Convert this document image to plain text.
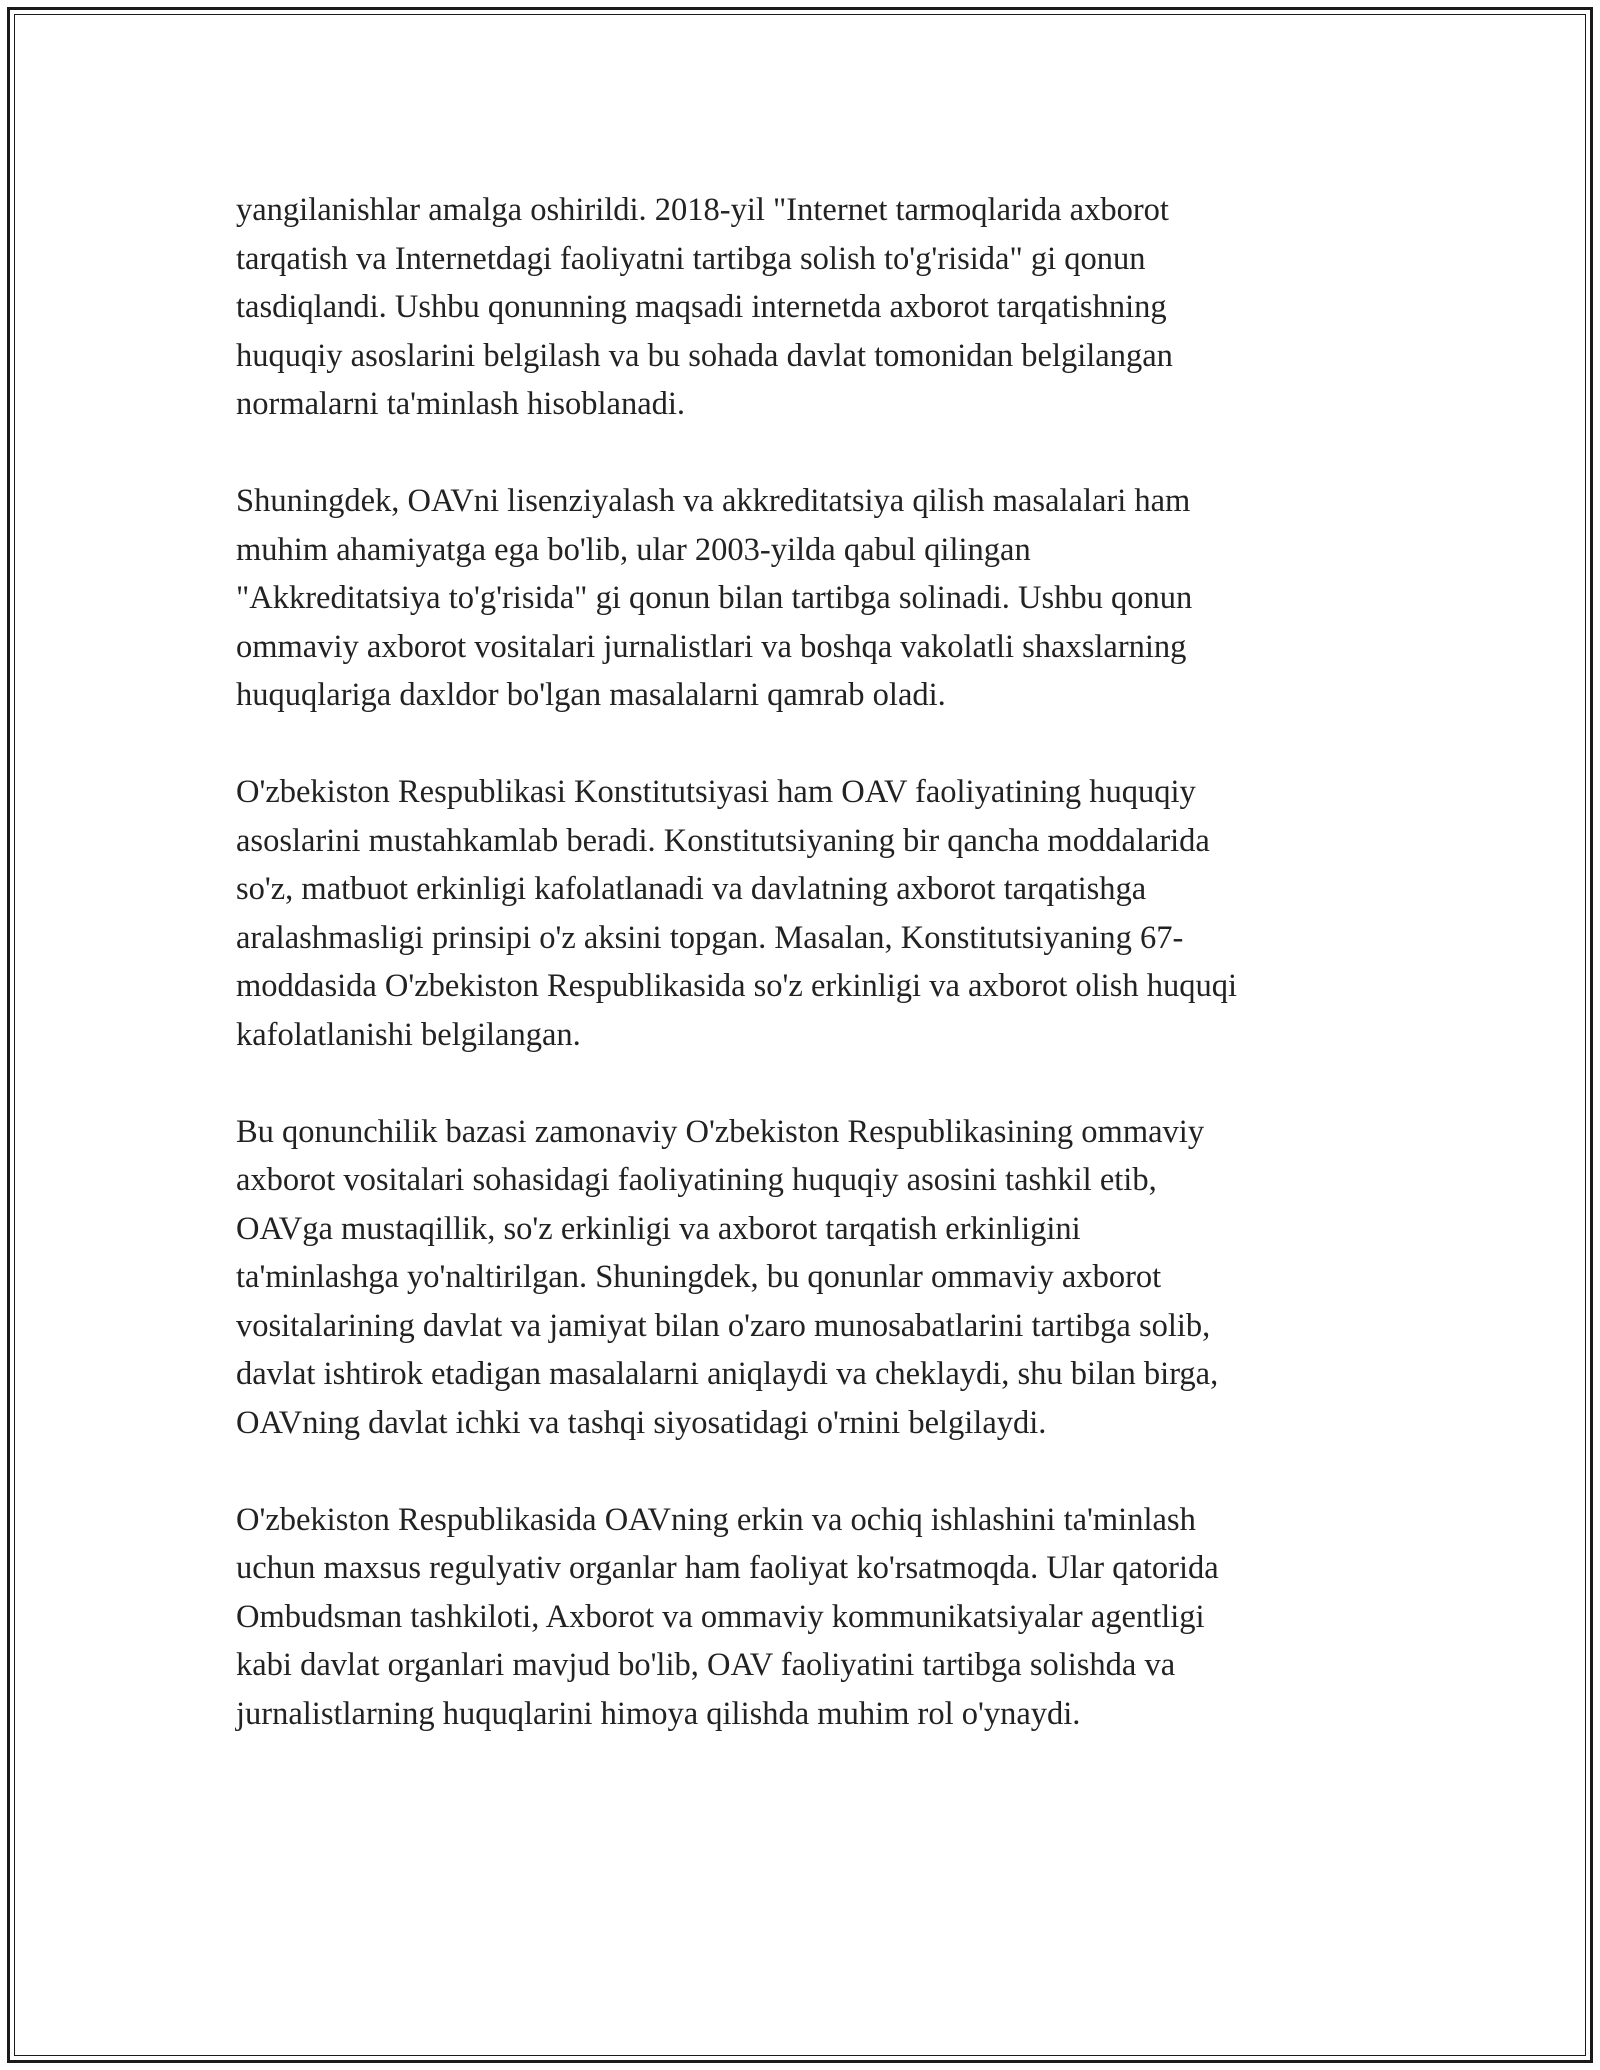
yangilanishlar amalga oshirildi. 2018-yil "Internet tarmoqlarida axborot
tarqatish va Internetdagi faoliyatni tartibga solish to'g'risida" gi qonun
tasdiqlandi. Ushbu qonunning maqsadi internetda axborot tarqatishning
huquqiy asoslarini belgilash va bu sohada davlat tomonidan belgilangan
normalarni ta'minlash hisoblanadi.

Shuningdek, OAVni lisenziyalash va akkreditatsiya qilish masalalari ham
muhim ahamiyatga ega bo'lib, ular 2003-yilda qabul qilingan
"Akkreditatsiya to'g'risida" gi qonun bilan tartibga solinadi. Ushbu qonun
ommaviy axborot vositalari jurnalistlari va boshqa vakolatli shaxslarning
huquqlariga daxldor bo'lgan masalalarni qamrab oladi.

O'zbekiston Respublikasi Konstitutsiyasi ham OAV faoliyatining huquqiy
asoslarini mustahkamlab beradi. Konstitutsiyaning bir qancha moddalarida
so'z, matbuot erkinligi kafolatlanadi va davlatning axborot tarqatishga
aralashmasligi prinsipi o'z aksini topgan. Masalan, Konstitutsiyaning 67-
moddasida O'zbekiston Respublikasida so'z erkinligi va axborot olish huquqi
kafolatlanishi belgilangan.

Bu qonunchilik bazasi zamonaviy O'zbekiston Respublikasining ommaviy
axborot vositalari sohasidagi faoliyatining huquqiy asosini tashkil etib,
OAVga mustaqillik, so'z erkinligi va axborot tarqatish erkinligini
ta'minlashga yo'naltirilgan. Shuningdek, bu qonunlar ommaviy axborot
vositalarining davlat va jamiyat bilan o'zaro munosabatlarini tartibga solib,
davlat ishtirok etadigan masalalarni aniqlaydi va cheklaydi, shu bilan birga,
OAVning davlat ichki va tashqi siyosatidagi o'rnini belgilaydi.

O'zbekiston Respublikasida OAVning erkin va ochiq ishlashini ta'minlash
uchun maxsus regulyativ organlar ham faoliyat ko'rsatmoqda. Ular qatorida
Ombudsman tashkiloti, Axborot va ommaviy kommunikatsiyalar agentligi
kabi davlat organlari mavjud bo'lib, OAV faoliyatini tartibga solishda va
jurnalistlarning huquqlarini himoya qilishda muhim rol o'ynaydi.
